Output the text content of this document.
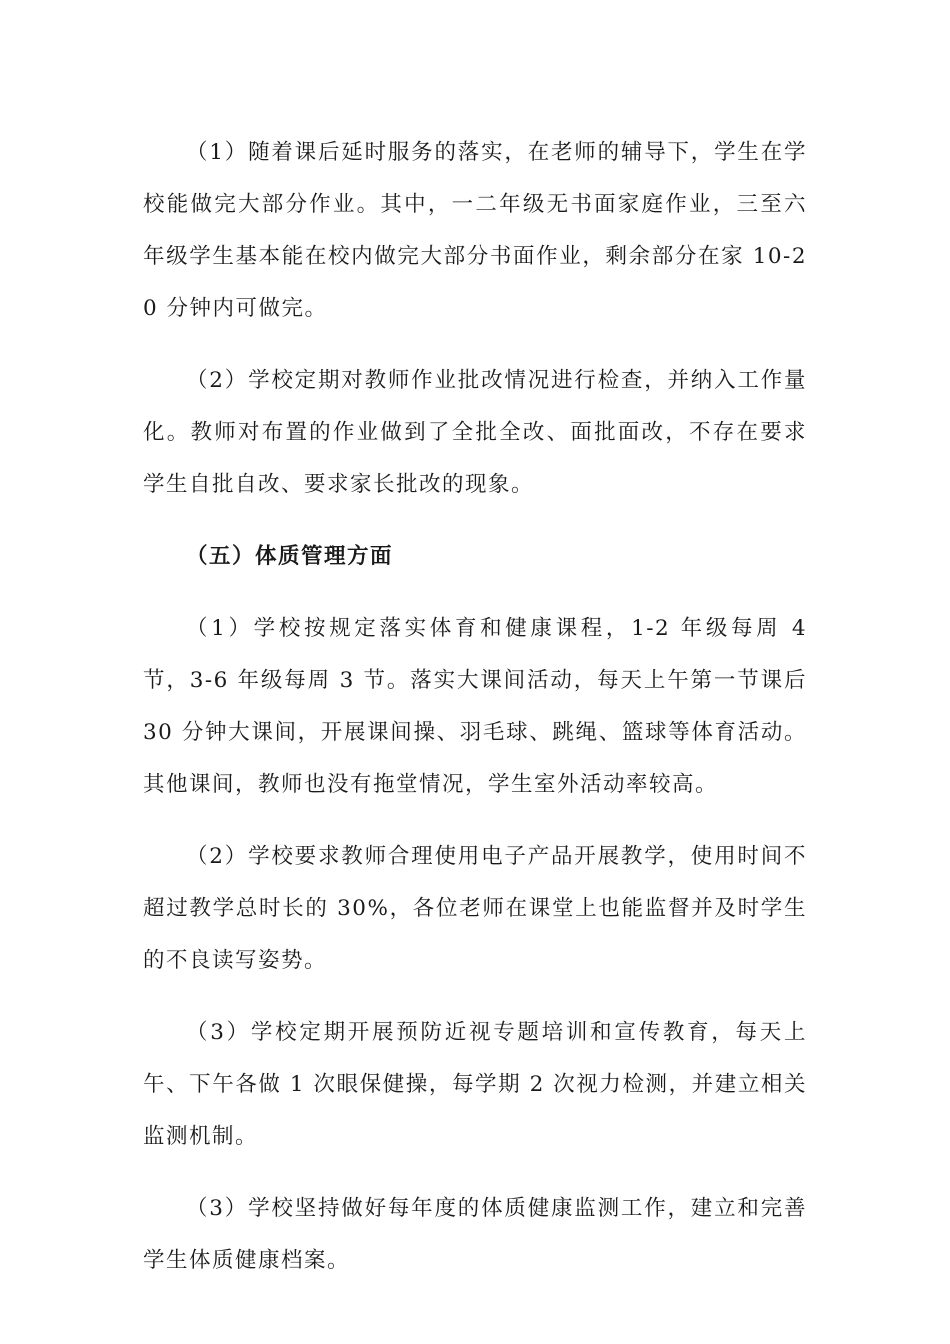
（1）随着课后延时服务的落实，在老师的辅导下，学生在学校能做完大部分作业。其中，一二年级无书面家庭作业，三至六年级学生基本能在校内做完大部分书面作业，剩余部分在家 10-20 分钟内可做完。

（2）学校定期对教师作业批改情况进行检查，并纳入工作量化。教师对布置的作业做到了全批全改、面批面改，不存在要求学生自批自改、要求家长批改的现象。

（五）体质管理方面

（1）学校按规定落实体育和健康课程，1-2 年级每周 4 节，3-6 年级每周 3 节。落实大课间活动，每天上午第一节课后 30 分钟大课间，开展课间操、羽毛球、跳绳、篮球等体育活动。其他课间，教师也没有拖堂情况，学生室外活动率较高。

（2）学校要求教师合理使用电子产品开展教学，使用时间不超过教学总时长的 30%，各位老师在课堂上也能监督并及时学生的不良读写姿势。

（3）学校定期开展预防近视专题培训和宣传教育，每天上午、下午各做 1 次眼保健操，每学期 2 次视力检测，并建立相关监测机制。

（3）学校坚持做好每年度的体质健康监测工作，建立和完善学生体质健康档案。
